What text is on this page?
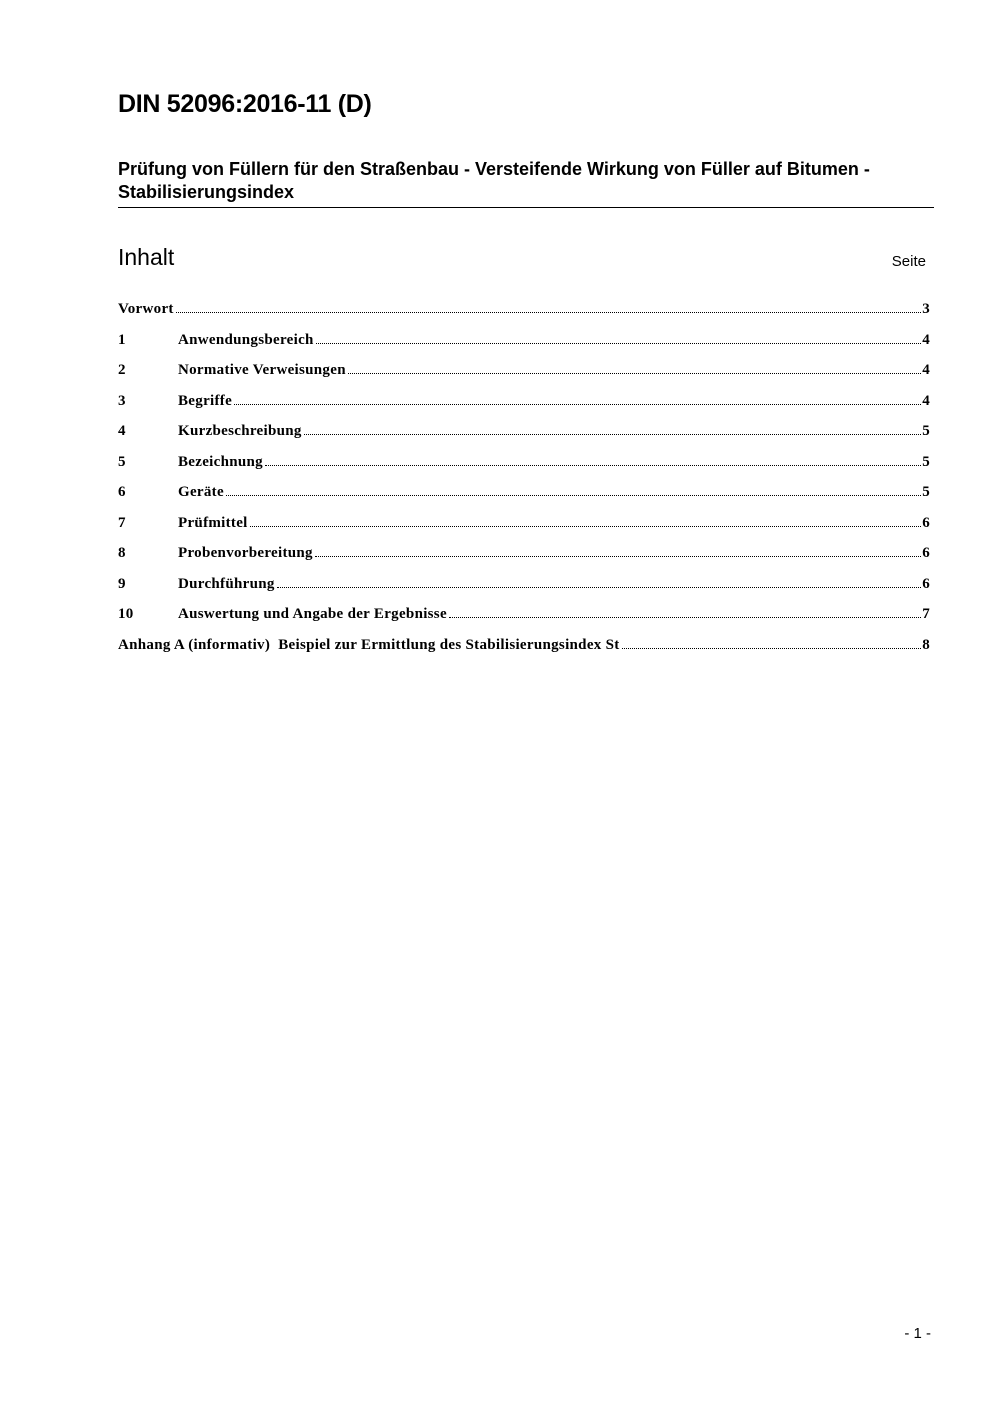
DIN 52096:2016-11 (D)
Prüfung von Füllern für den Straßenbau - Versteifende Wirkung von Füller auf Bitumen - Stabilisierungsindex
Inhalt	Seite
Vorwort	3
1	Anwendungsbereich	4
2	Normative Verweisungen	4
3	Begriffe	4
4	Kurzbeschreibung	5
5	Bezeichnung	5
6	Geräte	5
7	Prüfmittel	6
8	Probenvorbereitung	6
9	Durchführung	6
10	Auswertung und Angabe der Ergebnisse	7
Anhang A (informativ)  Beispiel zur Ermittlung des Stabilisierungsindex St	8
- 1 -
